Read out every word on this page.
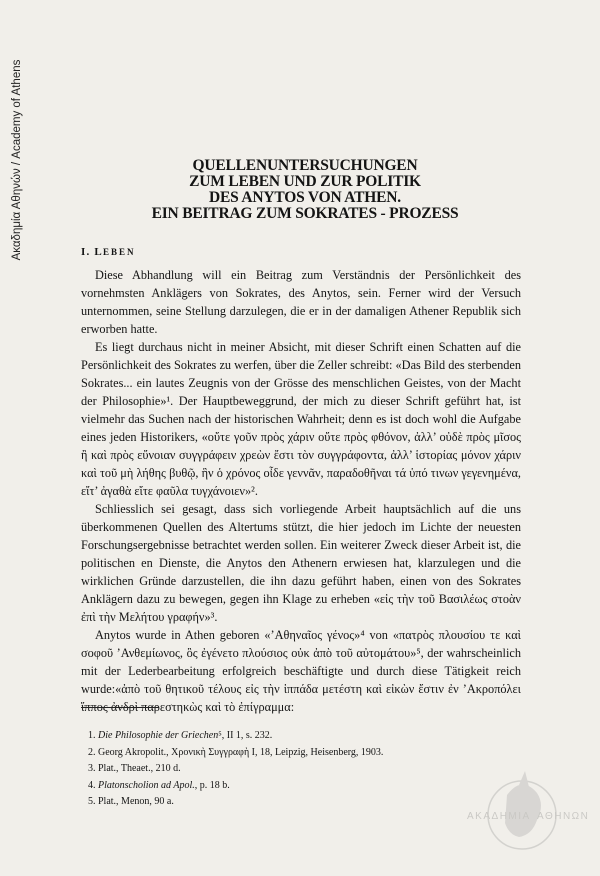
Ακαδημία Αθηνών / Academy of Athens	QUELLENUNTERSUCHUNGEN
ZUM LEBEN UND ZUR POLITIK
DES ANYTOS VON ATHEN.
EIN BEITRAG ZUM SOKRATES - PROZESS
I. LEBEN

Diese Abhandlung will ein Beitrag zum Verständnis der Persönlichkeit des vornehmsten Anklägers von Sokrates, des Anytos, sein. Ferner wird der Versuch unternommen, seine Stellung darzulegen, die er in der damaligen Athener Republik sich erworben hatte.

Es liegt durchaus nicht in meiner Absicht, mit dieser Schrift einen Schatten auf die Persönlichkeit des Sokrates zu werfen, über die Zeller schreibt: «Das Bild des sterbenden Sokrates... ein lautes Zeugnis von der Grösse des menschlichen Geistes, von der Macht der Philosophie»¹. Der Hauptbeweggrund, der mich zu dieser Schrift geführt hat, ist vielmehr das Suchen nach der historischen Wahrheit; denn es ist doch wohl die Aufgabe eines jeden Historikers, «οὔτε γοῦν πρὸς χάριν οὔτε πρὸς φθόνον, ἀλλ’ οὐδὲ πρὸς μῖσος ἢ καὶ πρὸς εὔνοιαν συγγράφειν χρεὼν ἔστι τὸν συγγράφοντα, ἀλλ’ ἱστορίας μόνον χάριν καὶ τοῦ μὴ λήθης βυθῷ, ἣν ὁ χρόνος οἶδε γεννᾶν, παραδοθῆναι τά ὑπό τινων γεγενημένα, εἴτ’ ἀγαθὰ εἴτε φαῦλα τυγχάνοιεν»².

Schliesslich sei gesagt, dass sich vorliegende Arbeit hauptsächlich auf die uns überkommenen Quellen des Altertums stützt, die hier jedoch im Lichte der neuesten Forschungsergebnisse betrachtet werden sollen. Ein weiterer Zweck dieser Arbeit ist, die politischen en Dienste, die Anytos den Athenern erwiesen hat, klarzulegen und die wirklichen Gründe darzustellen, die ihn dazu geführt haben, einen von des Sokrates Anklägern dazu zu bewegen, gegen ihn Klage zu erheben «εἰς τὴν τοῦ Βασιλέως στοὰν ἐπὶ τὴν Μελήτου γραφήν»³.

Anytos wurde in Athen geboren «’Αθηναῖος γένος»⁴ von «πατρὸς πλουσίου τε καὶ σοφοῦ ’Ανθεμίωνος, ὃς ἐγένετο πλούσιος οὐκ ἀπὸ τοῦ αὐτομάτου»⁵, der wahrscheinlich mit der Lederbearbeitung erfolgreich beschäftigte und durch diese Tätigkeit reich wurde:«ἀπὸ τοῦ θητικοῦ τέλους εἰς τὴν ἱππάδα μετέστη καὶ εἰκὼν ἔστιν ἐν ’Ακροπόλει ἵππος ἀνδρὶ παρεστηκὼς καὶ τὸ ἐπίγραμμα:

1. Die Philosophie der Griechen⁵, II 1, s. 232.
2. Georg Akropolit., Χρονικὴ Συγγραφὴ I, 18, Leipzig, Heisenberg, 1903.
3. Plat., Theaet., 210 d.
4. Platonscholion ad Apol., p. 18 b.
5. Plat., Menon, 90 a.
ΑΚΑΔΗΜΙΑ ΑΘΗΝΩΝ
